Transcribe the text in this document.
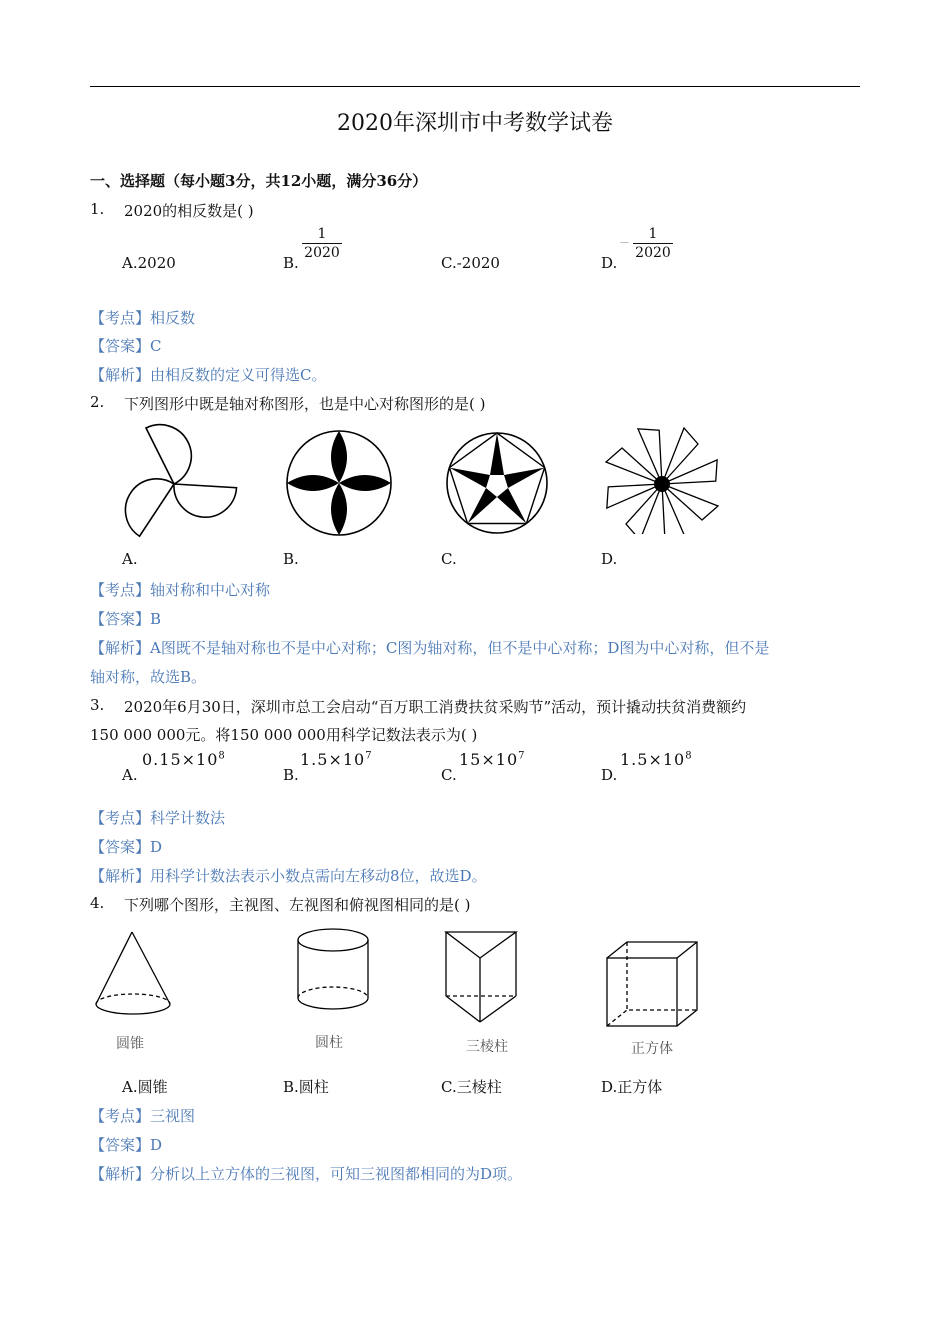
2020年深圳市中考数学试卷
一、选择题（每小题3分，共12小题，满分36分）
1. 2020的相反数是( )
A.2020	B.
1
2020
C.-2020	D.
－
1
2020
【考点】相反数
【答案】C
【解析】由相反数的定义可得选C。
2. 下列图形中既是轴对称图形，也是中心对称图形的是( )
A.	B.	C.	D.
【考点】轴对称和中心对称
【答案】B
【解析】A图既不是轴对称也不是中心对称；C图为轴对称，但不是中心对称；D图为中心对称，但不是
轴对称，故选B。
3. 2020年6月30日，深圳市总工会启动“百万职工消费扶贫采购节”活动，预计撬动扶贫消费额约
150 000 000元。将150 000 000用科学记数法表示为( )
A.
$0.15\times 10^8$
B.
$1.5\times 10^7$
C.
$15\times 10^7$
D.
$1.5\times 10^8$
【考点】科学计数法
【答案】D
【解析】用科学计数法表示小数点需向左移动8位，故选D。
4. 下列哪个图形，主视图、左视图和俯视图相同的是( )
圆锥	圆柱	三棱柱	正方体
A.圆锥	B.圆柱	C.三棱柱	D.正方体
【考点】三视图
【答案】D
【解析】分析以上立方体的三视图，可知三视图都相同的为D项。
